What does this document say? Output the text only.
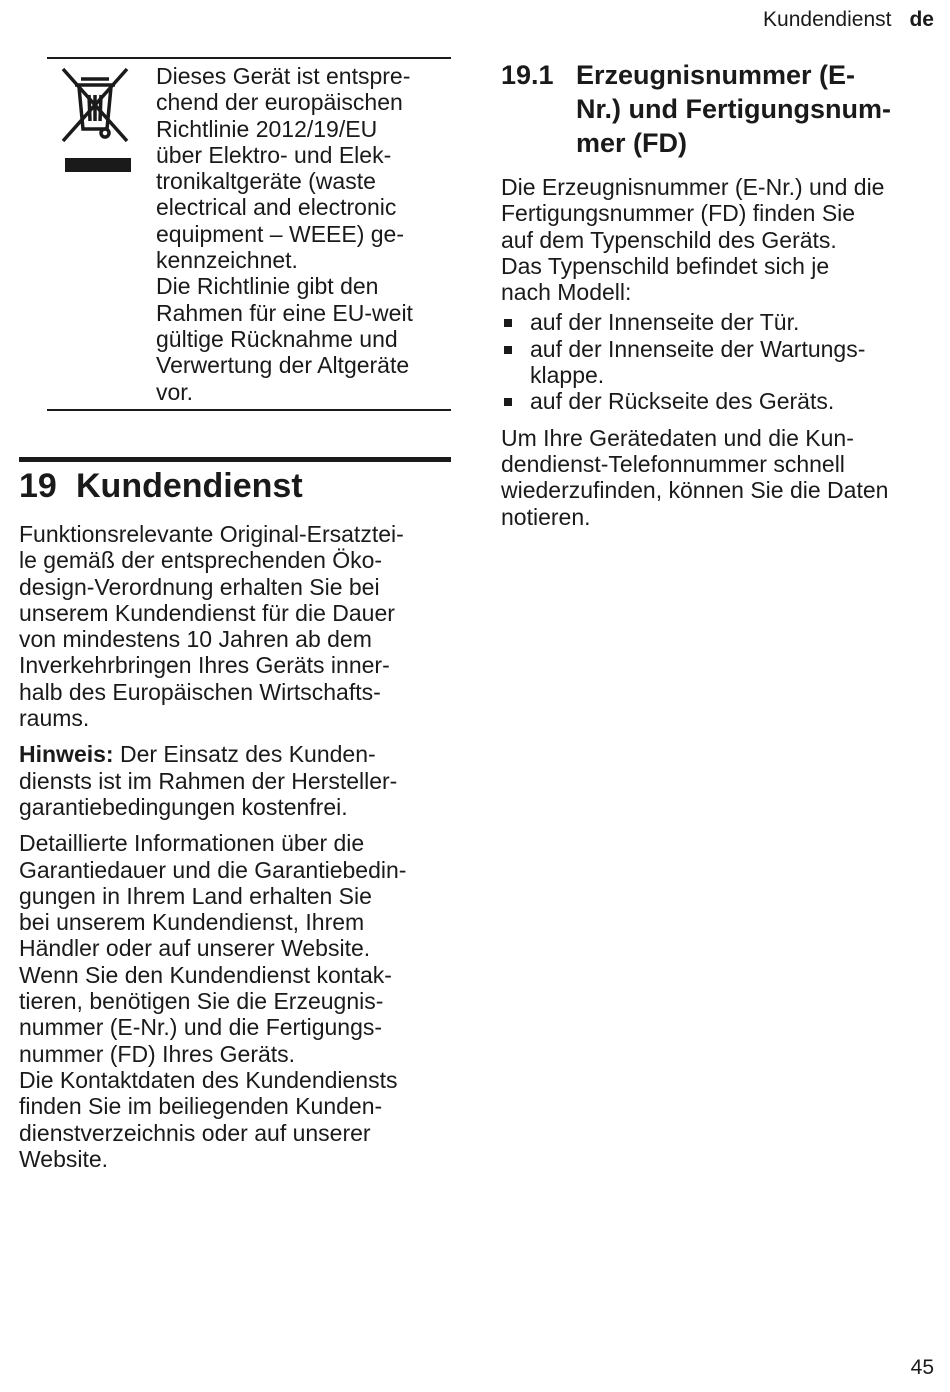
Kundendienst de

Dieses Gerät ist entspre-
chend der europäischen
Richtlinie 2012/19/EU
über Elektro- und Elek-
tronikaltgeräte (waste
electrical and electronic
equipment – WEEE) ge-
kennzeichnet.
Die Richtlinie gibt den
Rahmen für eine EU-weit
gültige Rücknahme und
Verwertung der Altgeräte
vor.

19 Kundendienst

Funktionsrelevante Original-Ersatztei-
le gemäß der entsprechenden Öko-
design-Verordnung erhalten Sie bei
unserem Kundendienst für die Dauer
von mindestens 10 Jahren ab dem
Inverkehrbringen Ihres Geräts inner-
halb des Europäischen Wirtschafts-
raums.

Hinweis: Der Einsatz des Kunden-
diensts ist im Rahmen der Hersteller-
garantiebedingungen kostenfrei.

Detaillierte Informationen über die
Garantiedauer und die Garantiebedin-
gungen in Ihrem Land erhalten Sie
bei unserem Kundendienst, Ihrem
Händler oder auf unserer Website.
Wenn Sie den Kundendienst kontak-
tieren, benötigen Sie die Erzeugnis-
nummer (E-Nr.) und die Fertigungs-
nummer (FD) Ihres Geräts.
Die Kontaktdaten des Kundendiensts
finden Sie im beiliegenden Kunden-
dienstverzeichnis oder auf unserer
Website.

19.1 Erzeugnisnummer (E-
Nr.) und Fertigungsnum-
mer (FD)

Die Erzeugnisnummer (E-Nr.) und die
Fertigungsnummer (FD) finden Sie
auf dem Typenschild des Geräts.
Das Typenschild befindet sich je
nach Modell:

auf der Innenseite der Tür.
auf der Innenseite der Wartungs-
klappe.
auf der Rückseite des Geräts.

Um Ihre Gerätedaten und die Kun-
dendienst-Telefonnummer schnell
wiederzufinden, können Sie die Daten
notieren.

45
